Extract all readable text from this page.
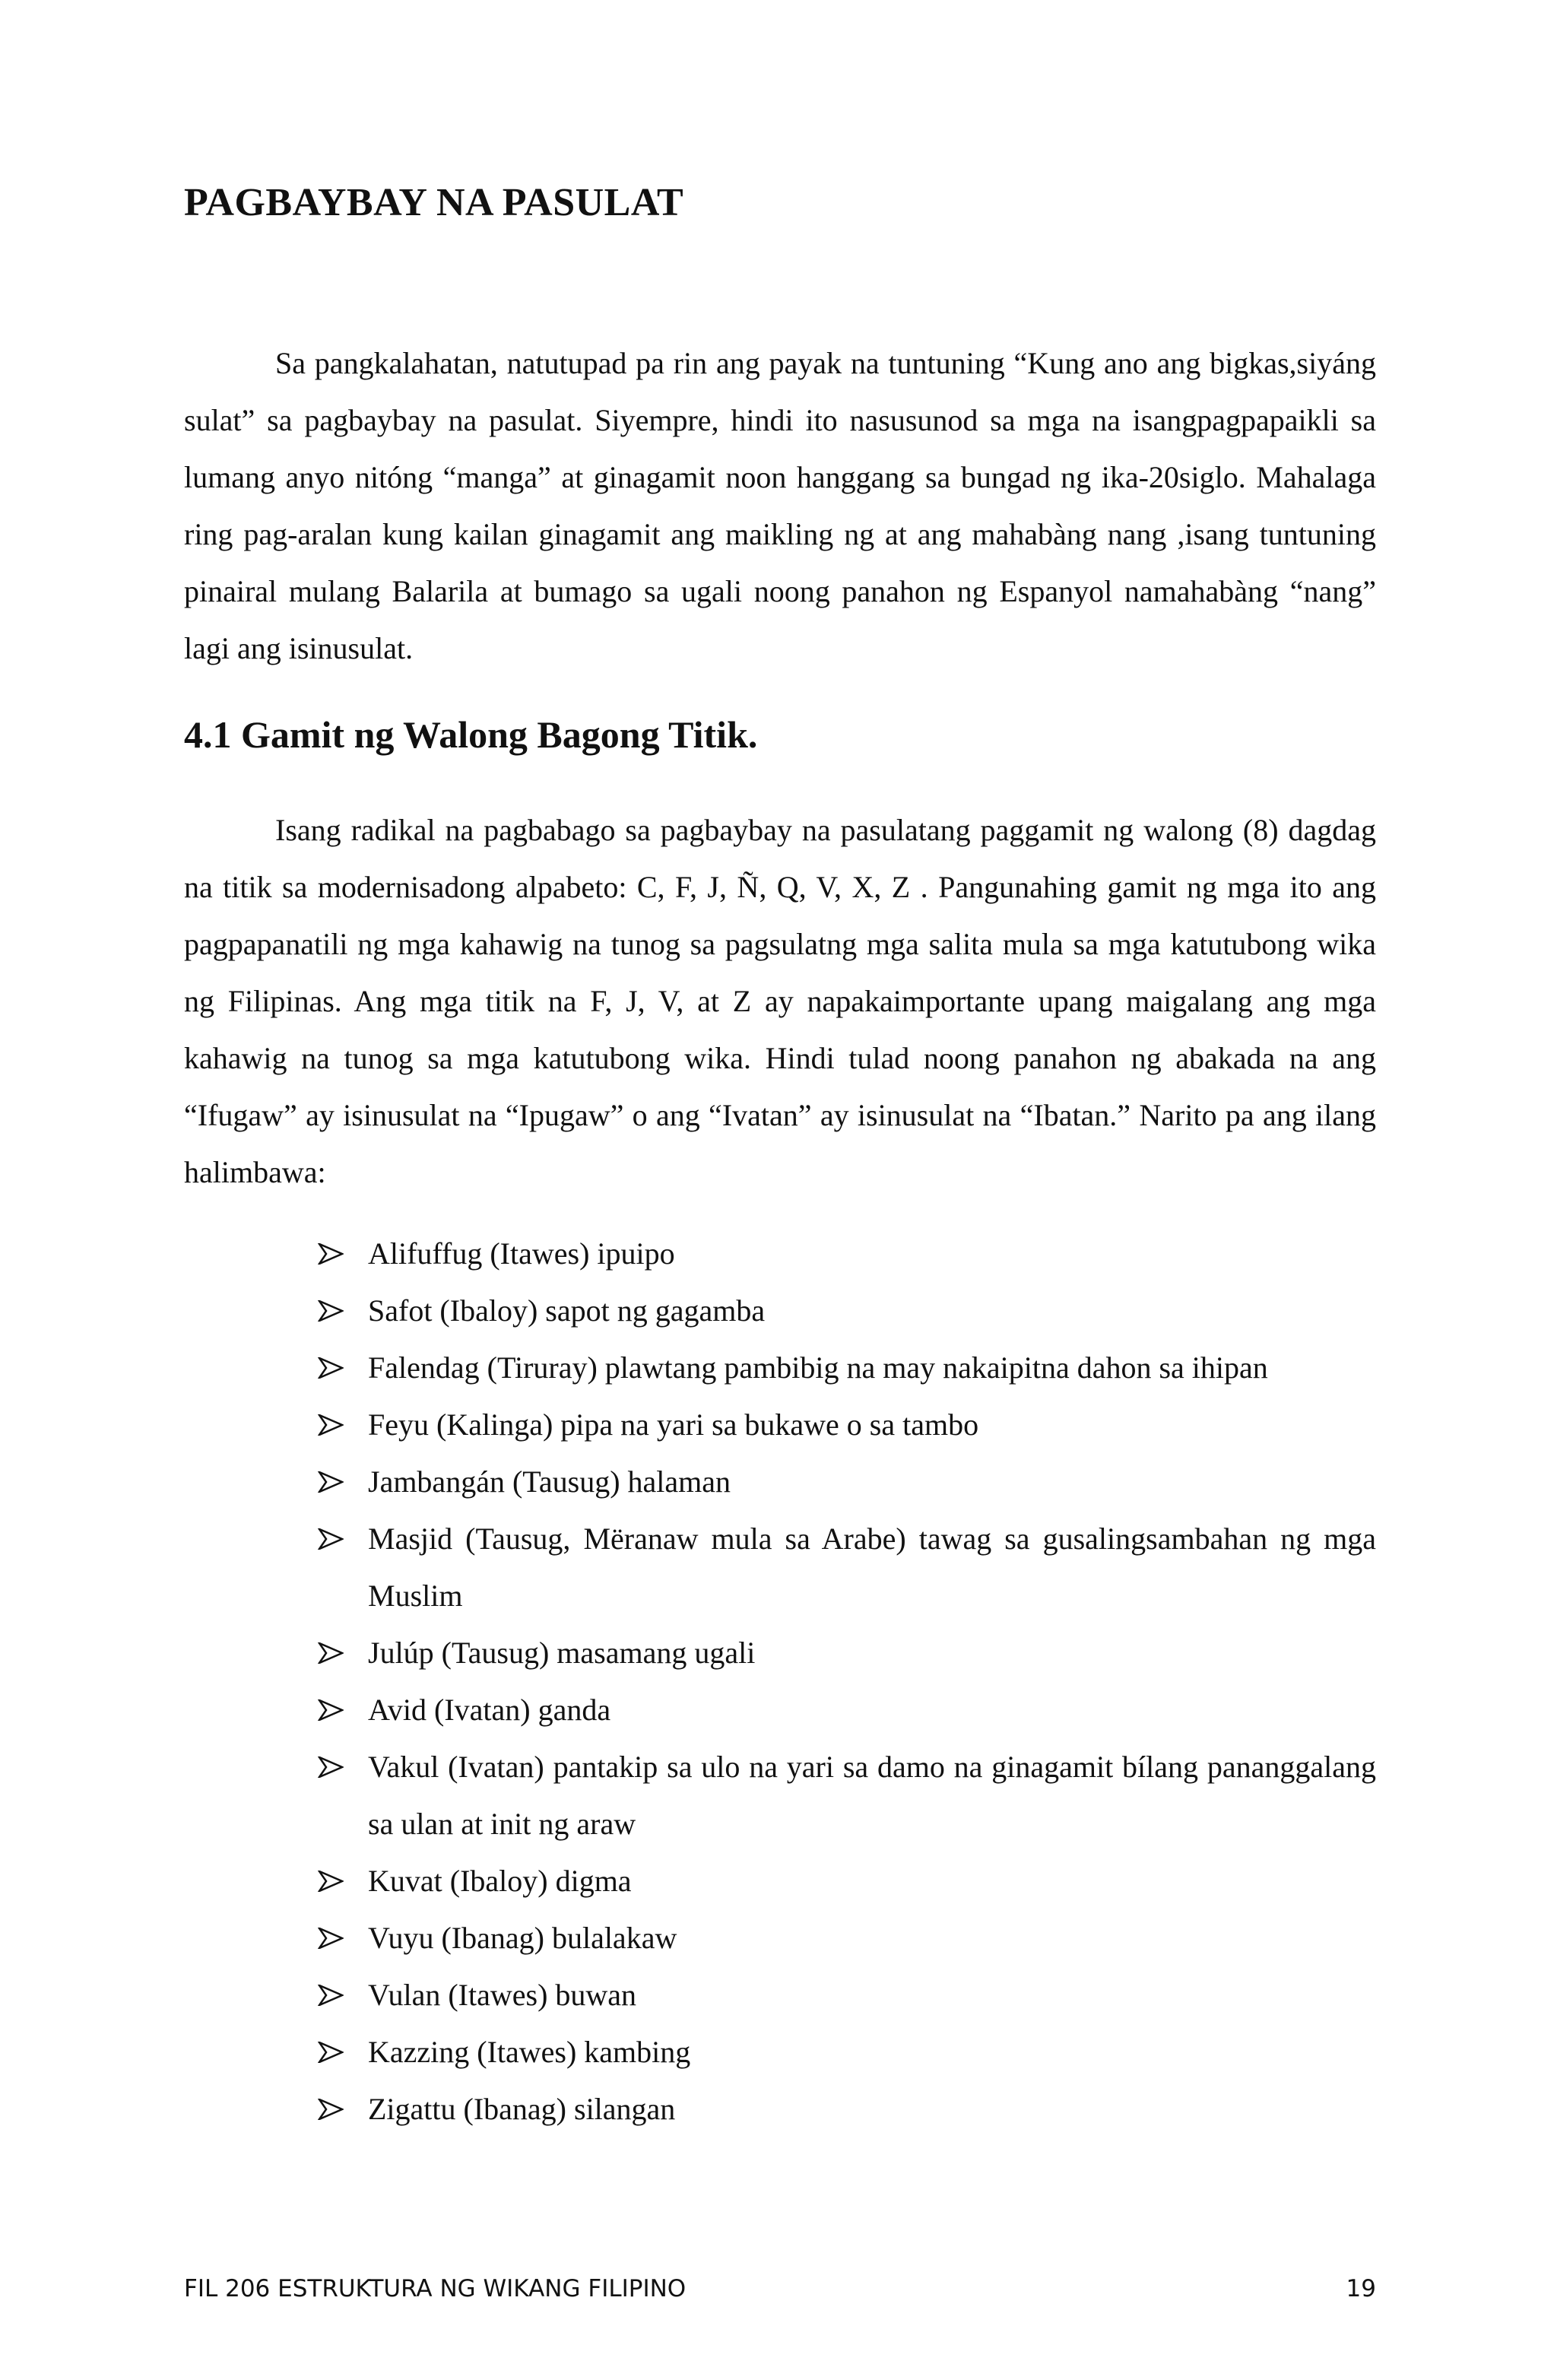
PAGBAYBAY NA PASULAT

Sa pangkalahatan, natutupad pa rin ang payak na tuntuning “Kung ano ang bigkas,siyáng sulat” sa pagbaybay na pasulat. Siyempre, hindi ito nasusunod sa mga na isangpagpapaikli sa lumang anyo nitóng “manga” at ginagamit noon hanggang sa bungad ng ika-20siglo. Mahalaga ring pag-aralan kung kailan ginagamit ang maikling ng at ang mahabàng nang ,isang tuntuning pinairal mulang Balarila at bumago sa ugali noong panahon ng Espanyol namahabàng “nang” lagi ang isinusulat.

4.1 Gamit ng Walong Bagong Titik.

Isang radikal na pagbabago sa pagbaybay na pasulatang paggamit ng walong (8) dagdag na titik sa modernisadong alpabeto: C, F, J, Ñ, Q, V, X, Z . Pangunahing gamit ng mga ito ang pagpapanatili ng mga kahawig na tunog sa pagsulatng mga salita mula sa mga katutubong wika ng Filipinas. Ang mga titik na F, J, V, at Z ay napakaimportante upang maigalang ang mga kahawig na tunog sa mga katutubong wika. Hindi tulad noong panahon ng abakada na ang “Ifugaw” ay isinusulat na “Ipugaw” o ang “Ivatan” ay isinusulat na “Ibatan.” Narito pa ang ilang halimbawa:

Alifuffug (Itawes) ipuipo
Safot (Ibaloy) sapot ng gagamba
Falendag (Tiruray) plawtang pambibig na may nakaipitna dahon sa ihipan
Feyu (Kalinga) pipa na yari sa bukawe o sa tambo
Jambangán (Tausug) halaman
Masjid (Tausug, Mëranaw mula sa Arabe) tawag sa gusalingsambahan ng mga Muslim
Julúp (Tausug) masamang ugali
Avid (Ivatan) ganda
Vakul (Ivatan) pantakip sa ulo na yari sa damo na ginagamit bílang pananggalang sa ulan at init ng araw
Kuvat (Ibaloy) digma
Vuyu (Ibanag) bulalakaw
Vulan (Itawes) buwan
Kazzing (Itawes) kambing
Zigattu (Ibanag) silangan
FIL 206 ESTRUKTURA NG WIKANG FILIPINO	19
